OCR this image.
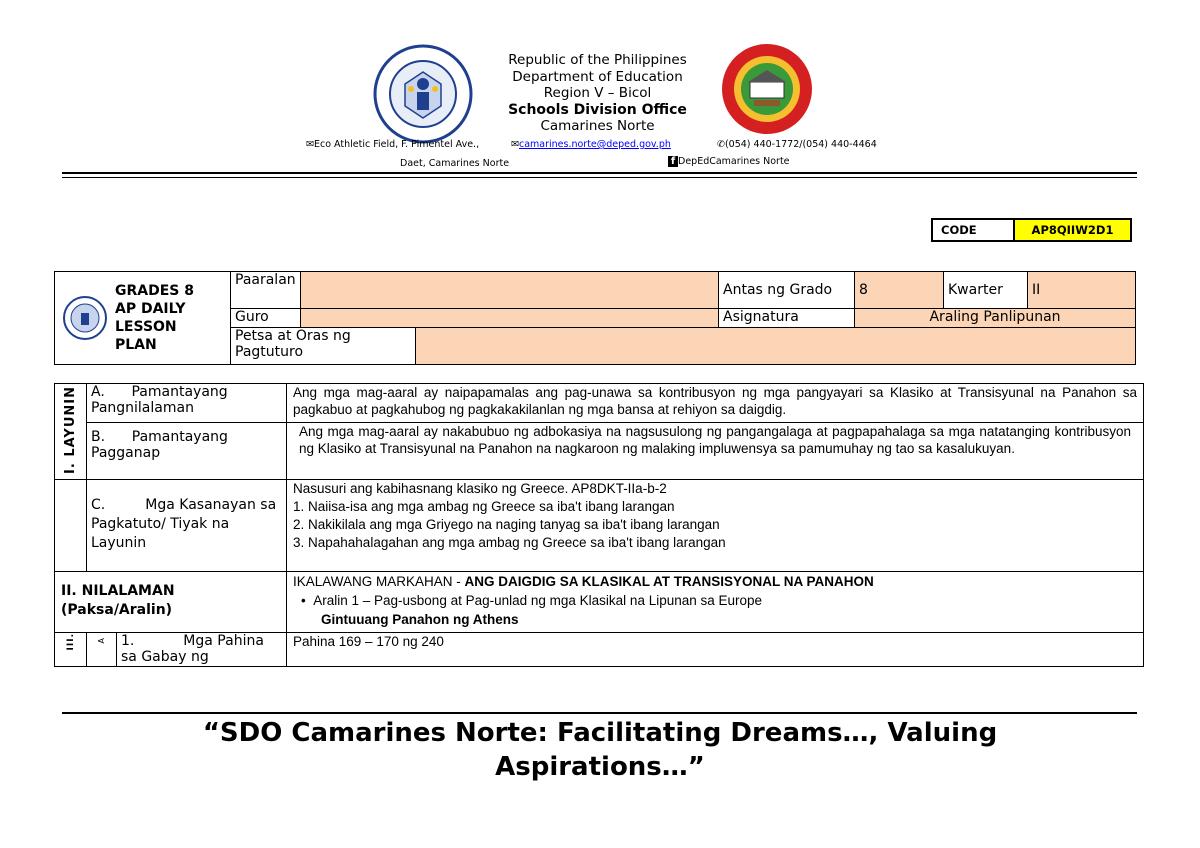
Republic of the Philippines
Department of Education
Region V – Bicol
Schools Division Office
Camarines Norte
✉Eco Athletic Field, F. Pimentel Ave.,	✉camarines.norte@deped.gov.ph	✆(054) 440-1772/(054) 440-4464
Daet, Camarines Norte	f DepEdCamarines Norte
CODE	AP8QIIW2D1
GRADES 8 AP DAILY LESSON PLAN	Paaralan			Antas ng Grado	8	Kwarter	II
	Guro			Asignatura	Araling Panlipunan		
	Petsa at Oras ng Pagtuturo						
I. LAYUNIN	A.      Pamantayang Pangnilalaman		Ang mga mag-aaral ay naipapamalas ang pag-unawa sa kontribusyon ng mga pangyayari sa Klasiko at Transisyunal na Panahon sa pagkabuo at pagkahubog ng pagkakakilanlan ng mga bansa at rehiyon sa daigdig.
	B.      Pamantayang Pagganap		Ang mga mag-aaral ay nakabubuo ng adbokasiya na nagsusulong ng pangangalaga at pagpapahalaga sa mga natatanging kontribusyon ng Klasiko at Transisyunal na Panahon na nagkaroon ng malaking impluwensya sa pamumuhay ng tao sa kasalukuyan.
	C.         Mga Kasanayan sa Pagkatuto/ Tiyak na Layunin		Nasusuri ang kabihasnang klasiko ng Greece. AP8DKT-IIa-b-2
1. Naiisa-isa ang mga ambag ng Greece sa iba't ibang larangan
2. Nakikilala ang mga Griyego na naging tanyag sa iba't ibang larangan
3. Napahahalagahan ang mga ambag ng Greece sa iba't ibang larangan

II. NILALAMAN (Paksa/Aralin)			IKALAWANG MARKAHAN - ANG DAIGDIG SA KLASIKAL AT TRANSISYONAL NA PANAHON
•  Aralin 1 – Pag-usbong at Pag-unlad ng mga Klasikal na Lipunan sa Europe
Gintuuang Panahon ng Athens

III.	A	1.           Mga Pahina sa Gabay ng	Pahina 169 – 170 ng 240
“SDO Camarines Norte: Facilitating Dreams…, Valuing Aspirations…”
